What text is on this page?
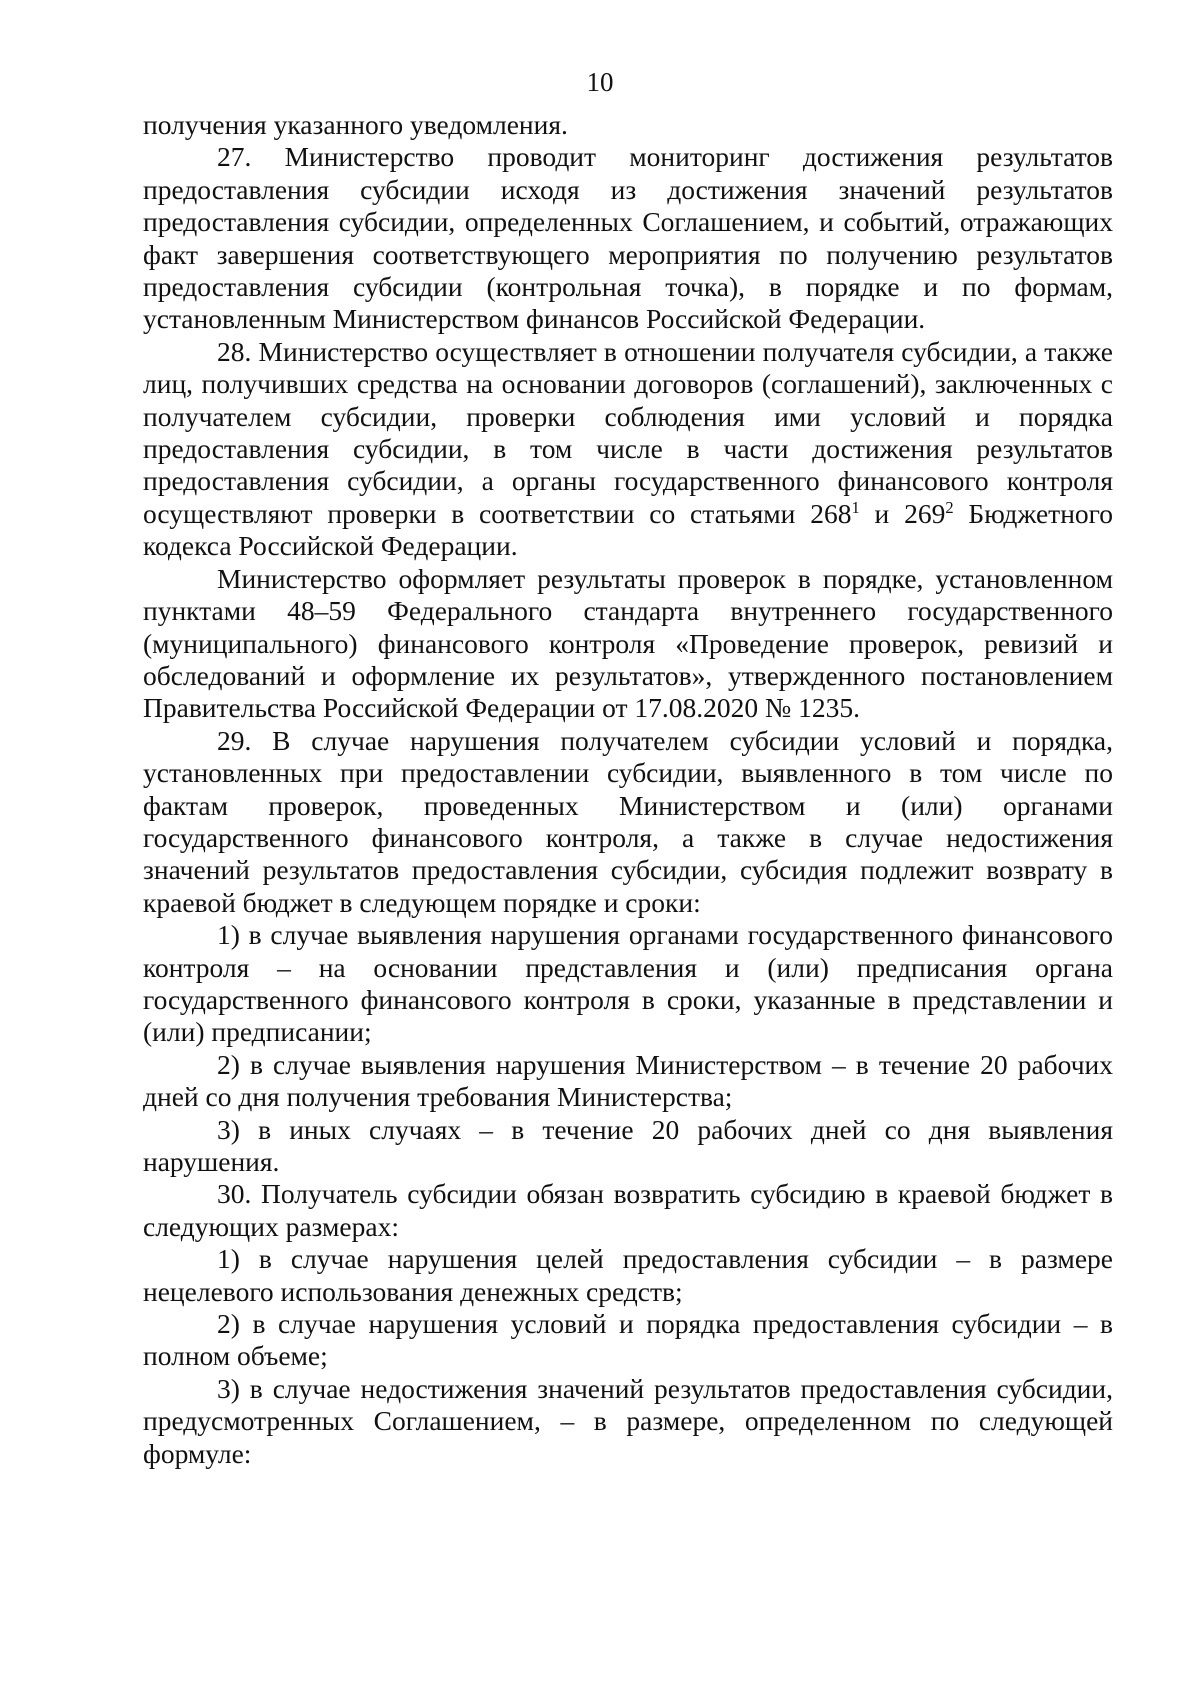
10

получения указанного уведомления.

27. Министерство проводит мониторинг достижения результатов предоставления субсидии исходя из достижения значений результатов предоставления субсидии, определенных Соглашением, и событий, отражающих факт завершения соответствующего мероприятия по получению результатов предоставления субсидии (контрольная точка), в порядке и по формам, установленным Министерством финансов Российской Федерации.

28. Министерство осуществляет в отношении получателя субсидии, а также лиц, получивших средства на основании договоров (соглашений), заключенных с получателем субсидии, проверки соблюдения ими условий и порядка предоставления субсидии, в том числе в части достижения результатов предоставления субсидии, а органы государственного финансового контроля осуществляют проверки в соответствии со статьями $268^1$ и $269^2$ Бюджетного кодекса Российской Федерации.

Министерство оформляет результаты проверок в порядке, установленном пунктами 48–59 Федерального стандарта внутреннего государственного (муниципального) финансового контроля «Проведение проверок, ревизий и обследований и оформление их результатов», утвержденного постановлением Правительства Российской Федерации от 17.08.2020 № 1235.

29. В случае нарушения получателем субсидии условий и порядка, установленных при предоставлении субсидии, выявленного в том числе по фактам проверок, проведенных Министерством и (или) органами государственного финансового контроля, а также в случае недостижения значений результатов предоставления субсидии, субсидия подлежит возврату в краевой бюджет в следующем порядке и сроки:

1) в случае выявления нарушения органами государственного финансового контроля – на основании представления и (или) предписания органа государственного финансового контроля в сроки, указанные в представлении и (или) предписании;

2) в случае выявления нарушения Министерством – в течение 20 рабочих дней со дня получения требования Министерства;

3) в иных случаях – в течение 20 рабочих дней со дня выявления нарушения.

30. Получатель субсидии обязан возвратить субсидию в краевой бюджет в следующих размерах:

1) в случае нарушения целей предоставления субсидии – в размере нецелевого использования денежных средств;

2) в случае нарушения условий и порядка предоставления субсидии – в полном объеме;

3) в случае недостижения значений результатов предоставления субсидии, предусмотренных Соглашением, – в размере, определенном по следующей формуле:
